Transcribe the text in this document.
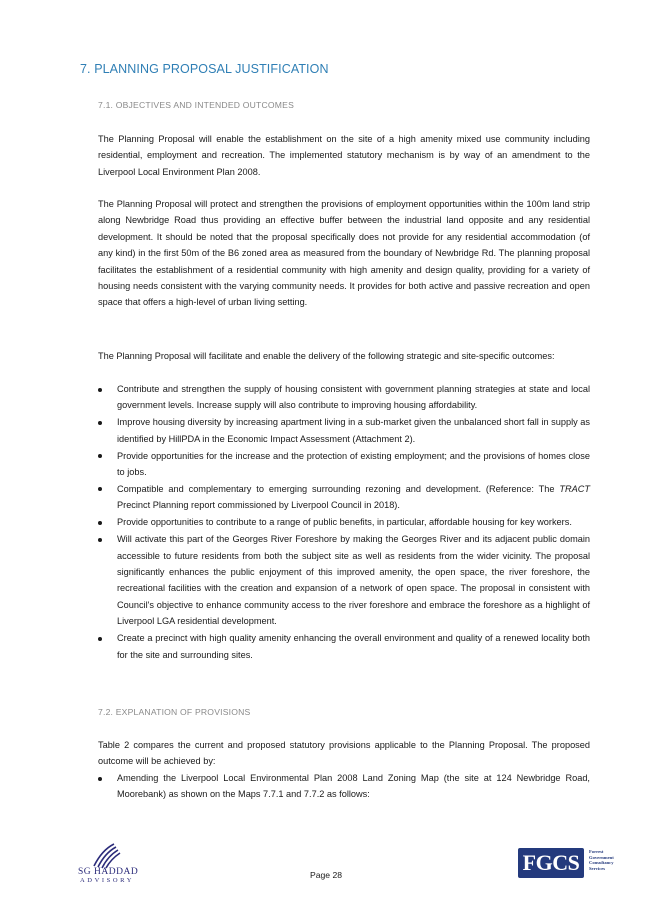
7. PLANNING PROPOSAL JUSTIFICATION
7.1. OBJECTIVES AND INTENDED OUTCOMES

The Planning Proposal will enable the establishment on the site of a high amenity mixed use community including residential, employment and recreation. The implemented statutory mechanism is by way of an amendment to the Liverpool Local Environment Plan 2008.

The Planning Proposal will protect and strengthen the provisions of employment opportunities within the 100m land strip along Newbridge Road thus providing an effective buffer between the industrial land opposite and any residential development. It should be noted that the proposal specifically does not provide for any residential accommodation (of any kind) in the first 50m of the B6 zoned area as measured from the boundary of Newbridge Rd. The planning proposal facilitates the establishment of a residential community with high amenity and design quality, providing for a variety of housing needs consistent with the varying community needs. It provides for both active and passive recreation and open space that offers a high-level of urban living setting.

The Planning Proposal will facilitate and enable the delivery of the following strategic and site-specific outcomes:

Contribute and strengthen the supply of housing consistent with government planning strategies at state and local government levels. Increase supply will also contribute to improving housing affordability.
Improve housing diversity by increasing apartment living in a sub-market given the unbalanced short fall in supply as identified by HillPDA in the Economic Impact Assessment (Attachment 2).
Provide opportunities for the increase and the protection of existing employment; and the provisions of homes close to jobs.
Compatible and complementary to emerging surrounding rezoning and development. (Reference: The TRACT Precinct Planning report commissioned by Liverpool Council in 2018).
Provide opportunities to contribute to a range of public benefits, in particular, affordable housing for key workers.
Will activate this part of the Georges River Foreshore by making the Georges River and its adjacent public domain accessible to future residents from both the subject site as well as residents from the wider vicinity. The proposal significantly enhances the public enjoyment of this improved amenity, the open space, the river foreshore, the recreational facilities with the creation and expansion of a network of open space. The proposal in consistent with Council's objective to enhance community access to the river foreshore and embrace the foreshore as a highlight of Liverpool LGA residential development.
Create a precinct with high quality amenity enhancing the overall environment and quality of a renewed locality both for the site and surrounding sites.
7.2. EXPLANATION OF PROVISIONS

Table 2 compares the current and proposed statutory provisions applicable to the Planning Proposal. The proposed outcome will be achieved by:

Amending the Liverpool Local Environmental Plan 2008 Land Zoning Map (the site at 124 Newbridge Road, Moorebank) as shown on the Maps 7.7.1 and 7.7.2 as follows:
SG HADDAD
ADVISORY
Page 28	FGCS	Forrest
Government
Consultancy
Services
